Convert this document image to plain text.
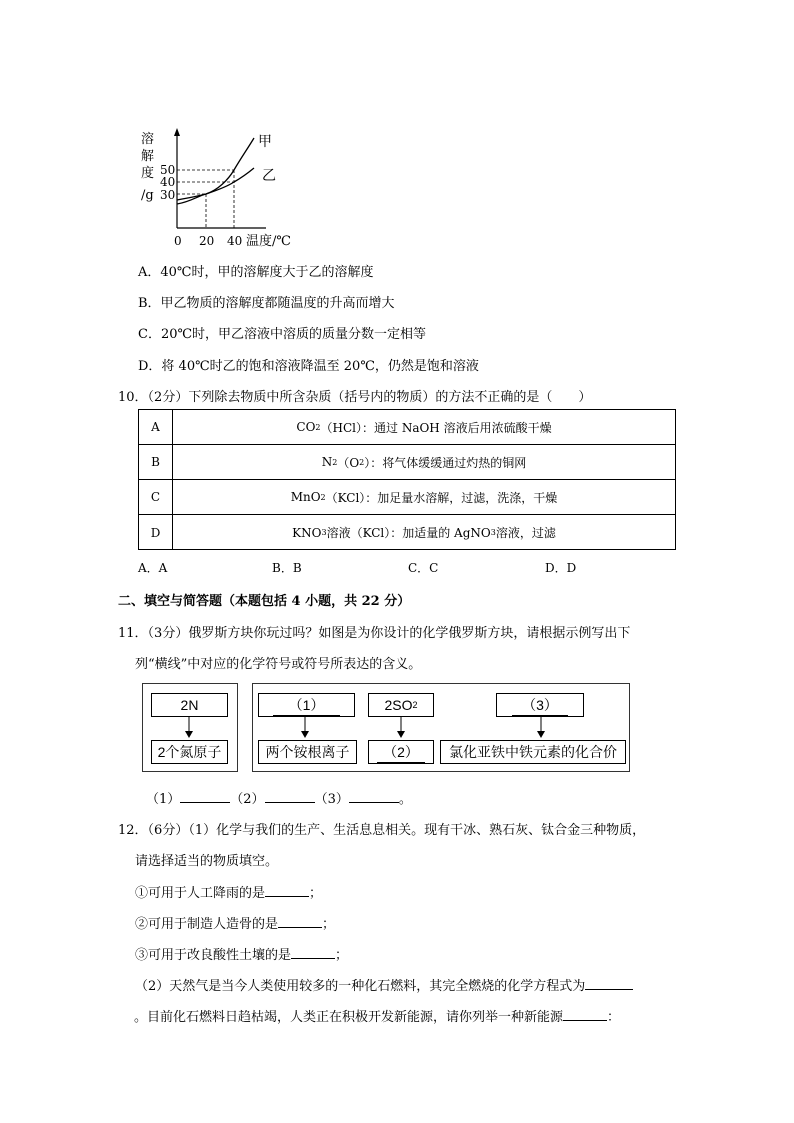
溶
解
度
/g
50
40
30
0 20 40 温度/℃
甲
乙
A．40℃时，甲的溶解度大于乙的溶解度
B．甲乙物质的溶解度都随温度的升高而增大
C．20℃时，甲乙溶液中溶质的质量分数一定相等
D．将 40℃时乙的饱和溶液降温至 20℃，仍然是饱和溶液
10．（2分）下列除去物质中所含杂质（括号内的物质）的方法不正确的是（　　）
A	CO 2 （HCl）：通过 NaOH 溶液后用浓硫酸干燥
B	N 2 （O 2 ）：将气体缓缓通过灼热的铜网
C	MnO 2 （KCl）：加足量水溶解，过滤，洗涤，干燥
D	KNO 3 溶液（KCl）：加适量的 AgNO 3 溶液，过滤
A．A	B．B	C．C	D．D
二、填空与简答题（本题包括 4 小题，共 22 分）
11．（3分）俄罗斯方块你玩过吗？如图是为你设计的化学俄罗斯方块，请根据示例写出下
列“横线”中对应的化学符号或符号所表达的含义。
2N
2个氮原子
（1）
两个铵根离子
2SO 2
（2）
（3）
氯化亚铁中铁元素的化合价
（1）	（2）	（3）	。
12．（6分）（1）化学与我们的生产、生活息息相关。现有干冰、熟石灰、钛合金三种物质，
请选择适当的物质填空。
①可用于人工降雨的是	；
②可用于制造人造骨的是	；
③可用于改良酸性土壤的是	；
（2）天然气是当今人类使用较多的一种化石燃料，其完全燃烧的化学方程式为
。目前化石燃料日趋枯竭，人类正在积极开发新能源，请你列举一种新能源	：
